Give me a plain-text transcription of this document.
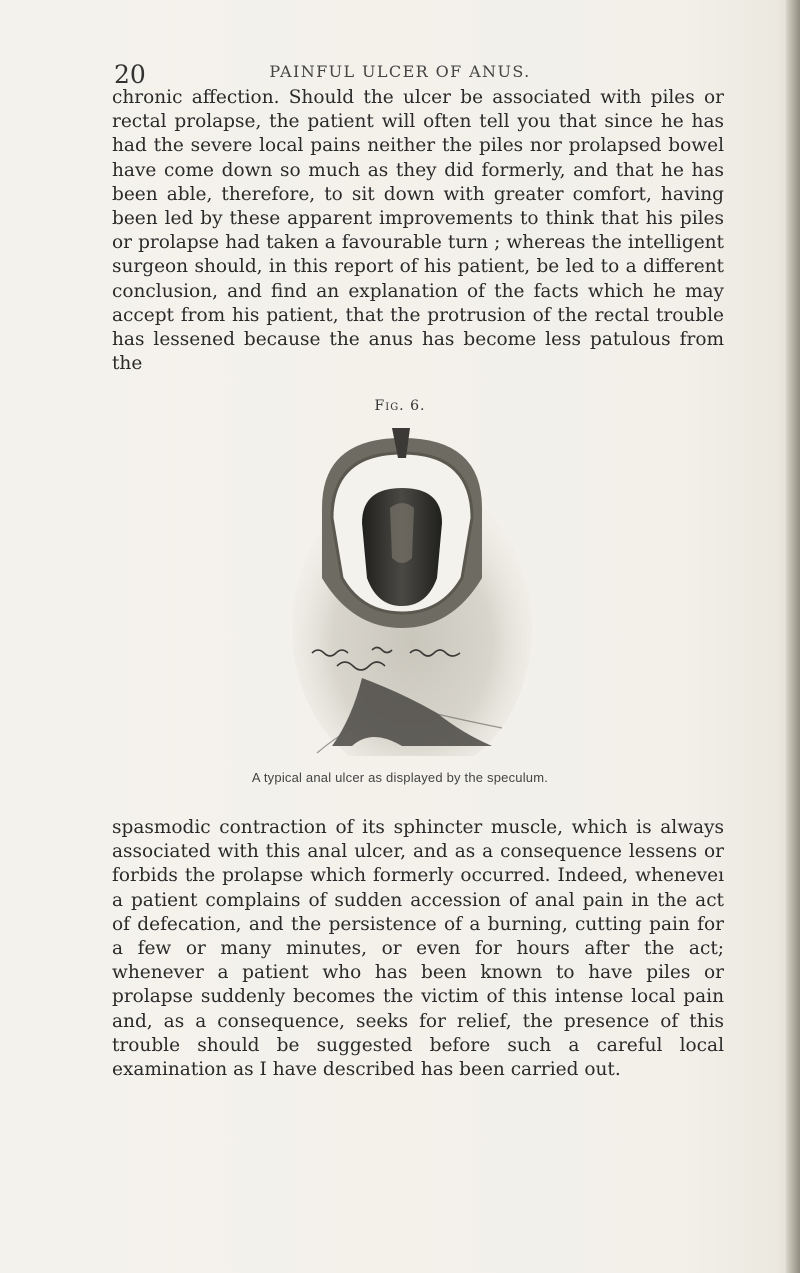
20	PAINFUL ULCER OF ANUS.

chronic affection. Should the ulcer be associated with piles or rectal prolapse, the patient will often tell you that since he has had the severe local pains neither the piles nor prolapsed bowel have come down so much as they did formerly, and that he has been able, therefore, to sit down with greater comfort, having been led by these apparent improvements to think that his piles or prolapse had taken a favourable turn ; whereas the intelligent surgeon should, in this report of his patient, be led to a different conclusion, and find an explanation of the facts which he may accept from his patient, that the protrusion of the rectal trouble has lessened because the anus has become less patulous from the

Fig. 6.
A typical anal ulcer as displayed by the speculum.

spasmodic contraction of its sphincter muscle, which is always associated with this anal ulcer, and as a consequence lessens or forbids the prolapse which formerly occurred. Indeed, wheneveı a patient complains of sudden accession of anal pain in the act of defecation, and the persistence of a burning, cutting pain for a few or many minutes, or even for hours after the act; whenever a patient who has been known to have piles or prolapse suddenly becomes the victim of this intense local pain and, as a consequence, seeks for relief, the presence of this trouble should be suggested before such a careful local examination as I have described has been carried out.
